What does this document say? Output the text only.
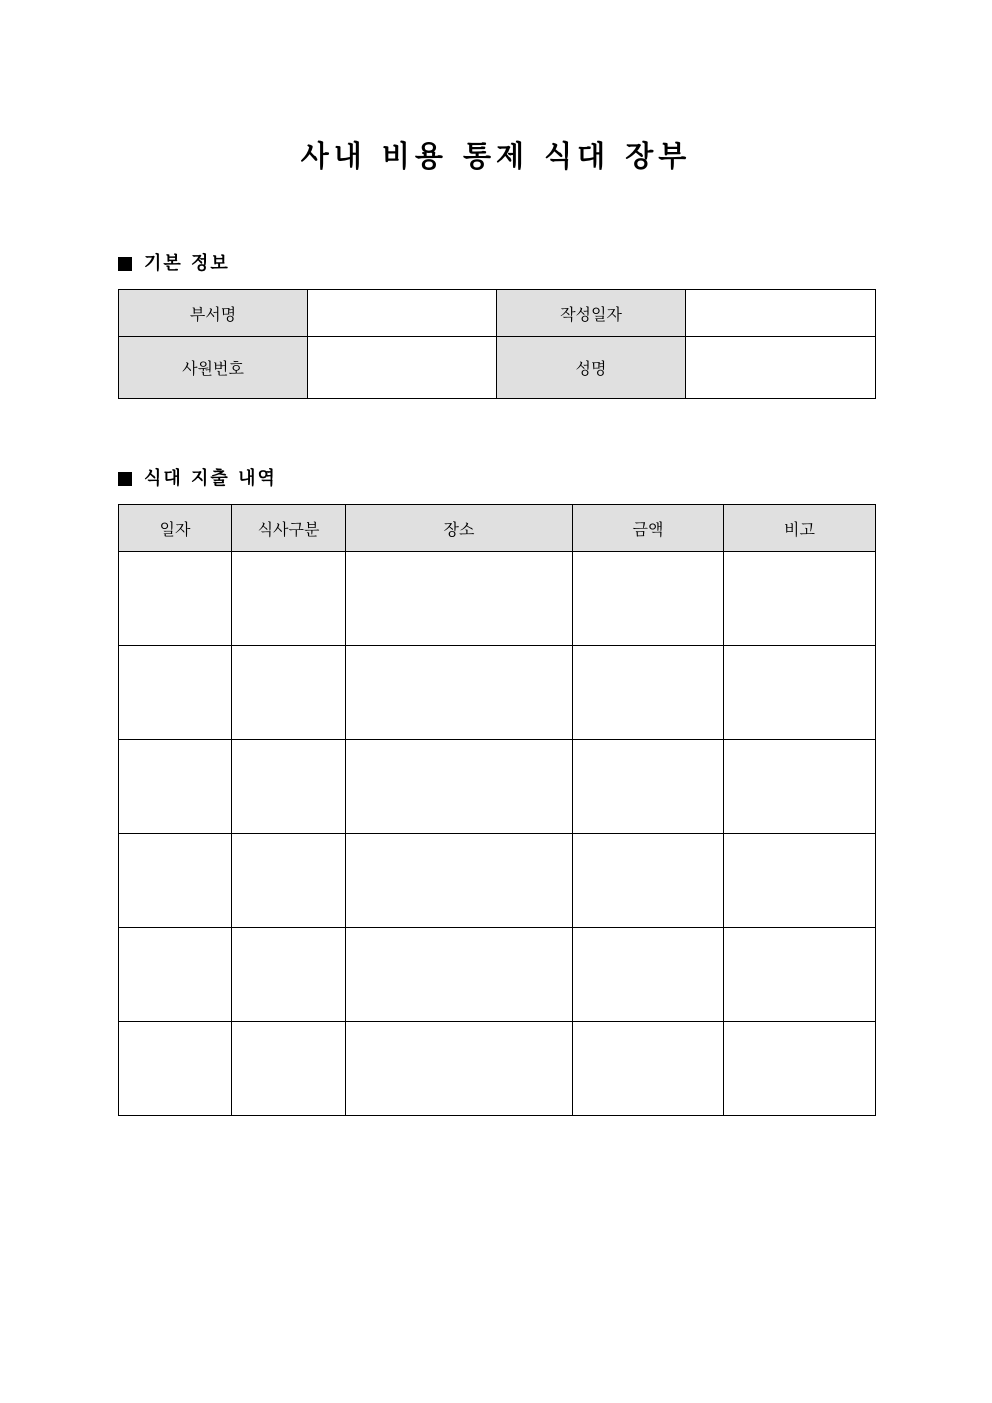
사내 비용 통제 식대 장부
기본 정보
부서명		작성일자	
사원번호		성명	
식대 지출 내역
일자	식사구분	장소	금액	비고
